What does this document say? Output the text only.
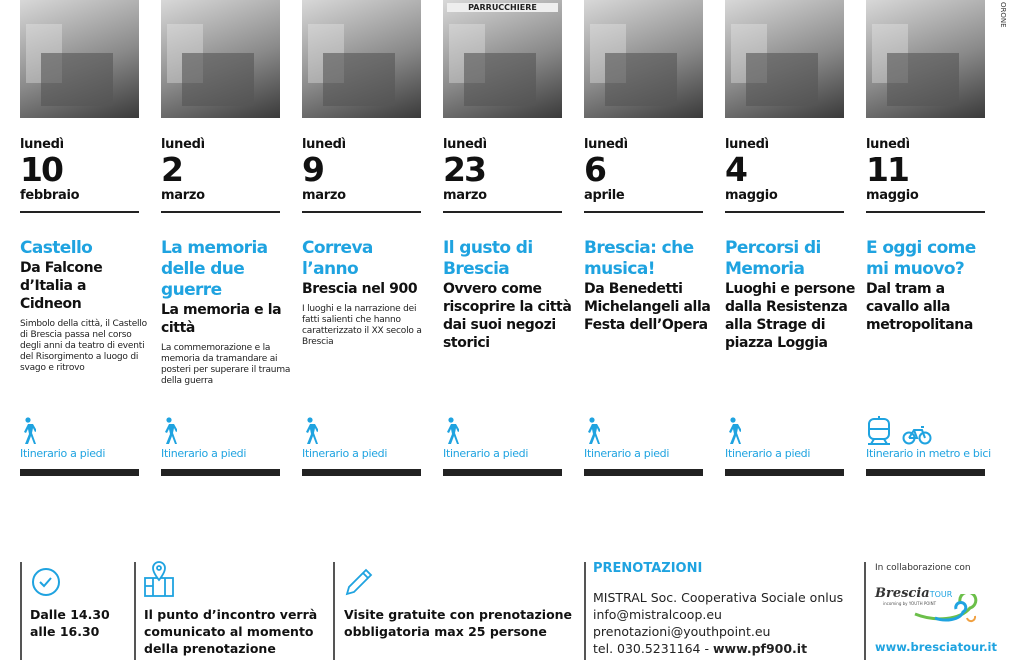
ORONE
lunedì
10
febbraio
Castello
Da Falcone d’Italia a Cidneon
Simbolo della città, il Castello di Brescia passa nel corso degli anni da teatro di eventi del Risorgimento a luogo di svago e ritrovo
Itinerario a piedi
lunedì
2
marzo
La memoria delle due guerre
La memoria e la città
La commemorazione e la memoria da tramandare ai posteri per superare il trauma della guerra
Itinerario a piedi
lunedì
9
marzo
Correva l’anno
Brescia nel 900
I luoghi e la narrazione dei fatti salienti che hanno caratterizzato il XX secolo a Brescia
Itinerario a piedi
PARRUCCHIERE
lunedì
23
marzo
Il gusto di Brescia
Ovvero come riscoprire la città dai suoi negozi storici
Itinerario a piedi
lunedì
6
aprile
Brescia: che musica!
Da Benedetti Michelangeli alla Festa dell’Opera
Itinerario a piedi
lunedì
4
maggio
Percorsi di Memoria
Luoghi e persone dalla Resistenza alla Strage di piazza Loggia
Itinerario a piedi
lunedì
11
maggio
E oggi come mi muovo?
Dal tram a cavallo alla metropolitana
Itinerario in metro e bici
Dalle 14.30 alle 16.30
Il punto d’incontro verrà comunicato al momento della prenotazione
Visite gratuite con prenotazione obbligatoria max 25 persone
PRENOTAZIONI
MISTRAL Soc. Cooperativa Sociale onlus
info@mistralcoop.eu
prenotazioni@youthpoint.eu
tel. 030.5231164 - www.pf900.it
In collaborazione con
BresciaTOUR
incoming by YOUTH POINT
www.bresciatour.it
